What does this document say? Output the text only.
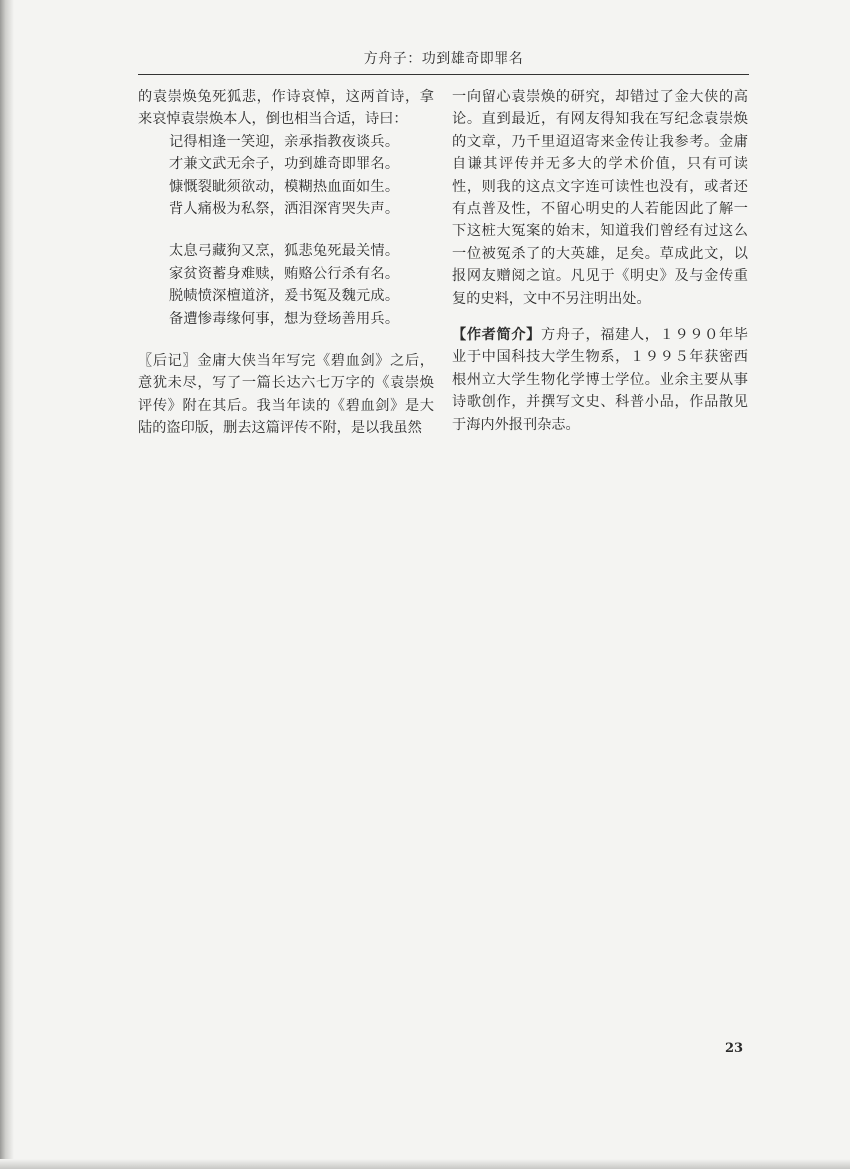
方舟子：功到雄奇即罪名

的袁崇焕兔死狐悲，作诗哀悼，这两首诗，拿来哀悼袁崇焕本人，倒也相当合适，诗曰：

记得相逢一笑迎，亲承指教夜谈兵。

才兼文武无余子，功到雄奇即罪名。

慷慨裂眦须欲动，模糊热血面如生。

背人痛极为私祭，洒泪深宵哭失声。

太息弓藏狗又烹，狐悲兔死最关情。

家贫资蓄身难赎，贿赂公行杀有名。

脱帻愤深檀道济，爰书冤及魏元成。

备遭惨毒缘何事，想为登场善用兵。

〖后记〗金庸大侠当年写完《碧血剑》之后，意犹未尽，写了一篇长达六七万字的《袁崇焕评传》附在其后。我当年读的《碧血剑》是大陆的盗印版，删去这篇评传不附，是以我虽然

一向留心袁崇焕的研究，却错过了金大侠的高论。直到最近，有网友得知我在写纪念袁崇焕的文章，乃千里迢迢寄来金传让我参考。金庸自谦其评传并无多大的学术价值，只有可读性，则我的这点文字连可读性也没有，或者还有点普及性，不留心明史的人若能因此了解一下这桩大冤案的始末，知道我们曾经有过这么一位被冤杀了的大英雄，足矣。草成此文，以报网友赠阅之谊。凡见于《明史》及与金传重复的史料，文中不另注明出处。

【作者简介】方舟子，福建人，１９９０年毕业于中国科技大学生物系，１９９５年获密西根州立大学生物化学博士学位。业余主要从事诗歌创作，并撰写文史、科普小品，作品散见于海内外报刊杂志。

23
